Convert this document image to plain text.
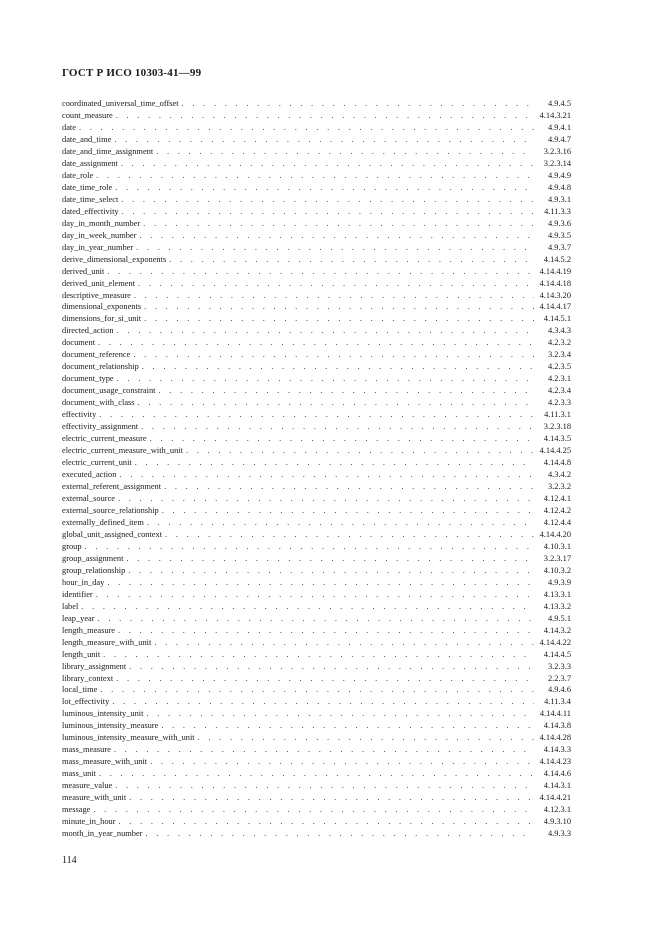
ГОСТ Р ИСО 10303-41—99
coordinated_universal_time_offset . . .	4.9.4.5
count_measure . . .	4.14.3.21
date . . .	4.9.4.1
date_and_time . . .	4.9.4.7
date_and_time_assignment . . .	3.2.3.16
date_assignment . . .	3.2.3.14
date_role . . .	4.9.4.9
date_time_role . . .	4.9.4.8
date_time_select . . .	4.9.3.1
dated_effectivity . . .	4.11.3.3
day_in_month_number . . .	4.9.3.6
day_in_week_number . . .	4.9.3.5
day_in_year_number . . .	4.9.3.7
derive_dimensional_exponents . . .	4.14.5.2
derived_unit . . .	4.14.4.19
derived_unit_element . . .	4.14.4.18
descriptive_measure . . .	4.14.3.20
dimensional_exponents . . .	4.14.4.17
dimensions_for_si_unit . . .	4.14.5.1
directed_action . . .	4.3.4.3
document . . .	4.2.3.2
document_reference . . .	3.2.3.4
document_relationship . . .	4.2.3.5
document_type . . .	4.2.3.1
document_usage_constraint . . .	4.2.3.4
document_with_class . . .	4.2.3.3
effectivity . . .	4.11.3.1
effectivity_assignment . . .	3.2.3.18
electric_current_measure . . .	4.14.3.5
electric_current_measure_with_unit . . .	4.14.4.25
electric_current_unit . . .	4.14.4.8
executed_action . . .	4.3.4.2
external_referent_assignment . . .	3.2.3.2
external_source . . .	4.12.4.1
external_source_relationship . . .	4.12.4.2
externally_defined_item . . .	4.12.4.4
global_unit_assigned_context . . .	4.14.4.20
group . . .	4.10.3.1
group_assignment . . .	3.2.3.17
group_relationship . . .	4.10.3.2
hour_in_day . . .	4.9.3.9
identifier . . .	4.13.3.1
label . . .	4.13.3.2
leap_year . . .	4.9.5.1
length_measure . . .	4.14.3.2
length_measure_with_unit . . .	4.14.4.22
length_unit . . .	4.14.4.5
library_assignment . . .	3.2.3.3
library_context . . .	2.2.3.7
local_time . . .	4.9.4.6
lot_effectivity . . .	4.11.3.4
luminous_intensity_unit . . .	4.14.4.11
luminous_intensity_measure . . .	4.14.3.8
luminous_intensity_measure_with_unit . . .	4.14.4.28
mass_measure . . .	4.14.3.3
mass_measure_with_unit . . .	4.14.4.23
mass_unit . . .	4.14.4.6
measure_value . . .	4.14.3.1
measure_with_unit . . .	4.14.4.21
message . . .	4.12.3.1
minute_in_hour . . .	4.9.3.10
month_in_year_number . . .	4.9.3.3
114
